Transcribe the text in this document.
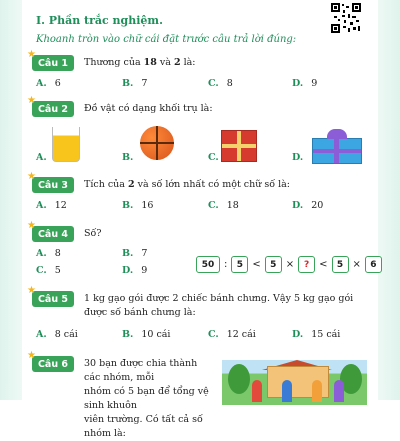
I. Phần trắc nghiệm.
Khoanh tròn vào chữ cái đặt trước câu trả lời đúng:
★
Câu 1 Thương của 18 và 2 là:
A. 6	B. 7	C. 8	D. 9
★
Câu 2 Đồ vật có dạng khối trụ là:
A.	B.	C.	D.
★
Câu 3 Tích của 2 và số lớn nhất có một chữ số là:
A. 12	B. 16	C. 18	D. 20
★
Câu 4 Số?
A. 8	B. 7
C. 5	D. 9
50 :	5 <	5 ×	? <	5 ×	6
★
Câu 5 1 kg gạo gói được 2 chiếc bánh chưng. Vậy 5 kg gạo gói được số bánh chưng là:
A. 8 cái	B. 10 cái	C. 12 cái	D. 15 cái
★
Câu 6 30 bạn được chia thành các nhóm, mỗi
nhóm có 5 bạn để tổng vệ sinh khuôn
viên trường. Có tất cả số nhóm là:
